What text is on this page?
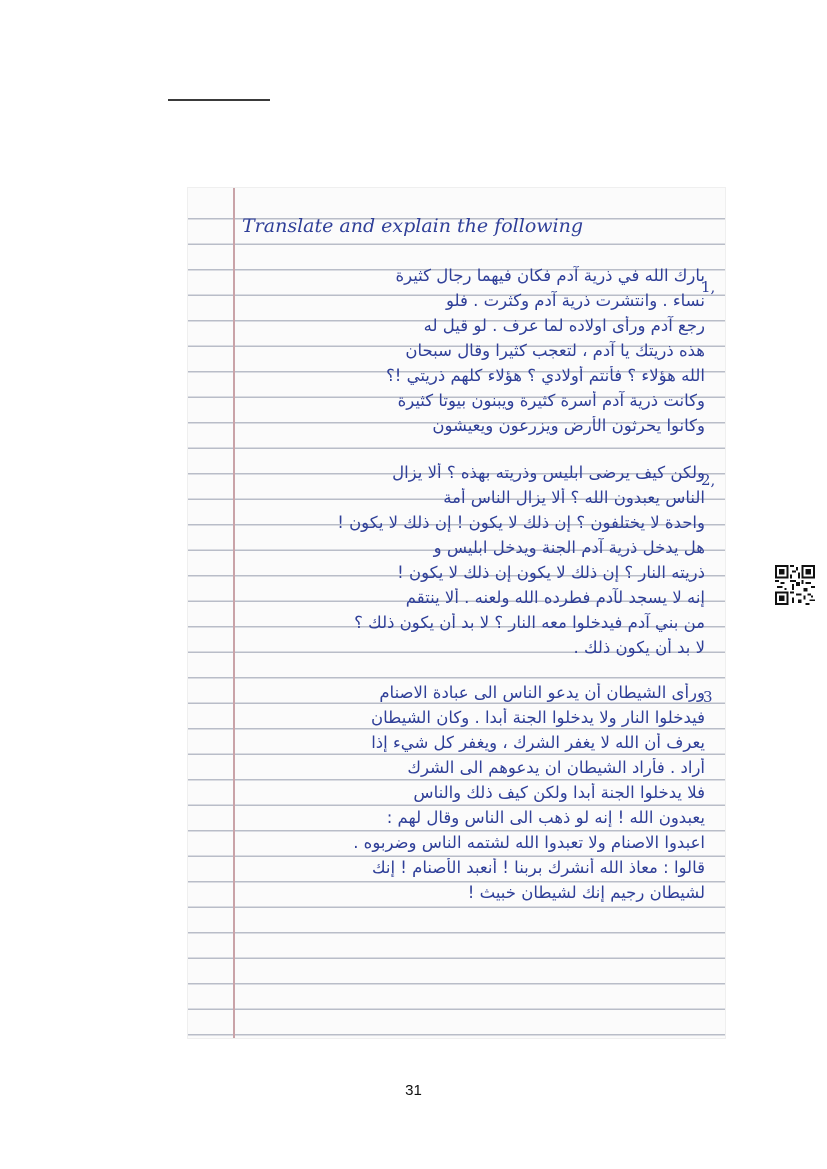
Translate and explain the following
1,
بارك الله في ذرية آدم فكان فيهما رجال كثيرة
نساء . وانتشرت ذرية آدم وكثرت . فلو
رجع آدم ورأى اولاده لما عرف . لو قيل له
هذه ذريتك يا آدم ، لتعجب كثيرا وقال سبحان
الله هؤلاء ؟ فأنتم أولادي ؟ هؤلاء كلهم ذريتي !؟
وكانت ذرية آدم أسرة كثيرة ويبنون بيوتا كثيرة
وكانوا يحرثون الأرض ويزرعون ويعيشون
2,
ولكن كيف يرضى ابليس وذريته بهذه ؟ ألا يزال
الناس يعبدون الله ؟ ألا يزال الناس أمة
واحدة لا يختلفون ؟ إن ذلك لا يكون ! إن ذلك لا يكون !
هل يدخل ذرية آدم الجنة ويدخل ابليس و
ذريته النار ؟ إن ذلك لا يكون إن ذلك لا يكون !
إنه لا يسجد لآدم فطرده الله ولعنه . ألا ينتقم
من بني آدم فيدخلوا معه النار ؟ لا بد أن يكون ذلك ؟
لا بد أن يكون ذلك .
3
ورأى الشيطان أن يدعو الناس الى عبادة الاصنام
فيدخلوا النار ولا يدخلوا الجنة أبدا . وكان الشيطان
يعرف أن الله لا يغفر الشرك ، ويغفر كل شيء إذا
أراد . فأراد الشيطان ان يدعوهم الى الشرك
فلا يدخلوا الجنة أبدا ولكن كيف ذلك والناس
يعبدون الله ! إنه لو ذهب الى الناس وقال لهم :
اعبدوا الاصنام ولا تعبدوا الله لشتمه الناس وضربوه .
قالوا : معاذ الله أنشرك بربنا ! أنعبد الأصنام ! إنك
لشيطان رجيم إنك لشيطان خبيث !
31
